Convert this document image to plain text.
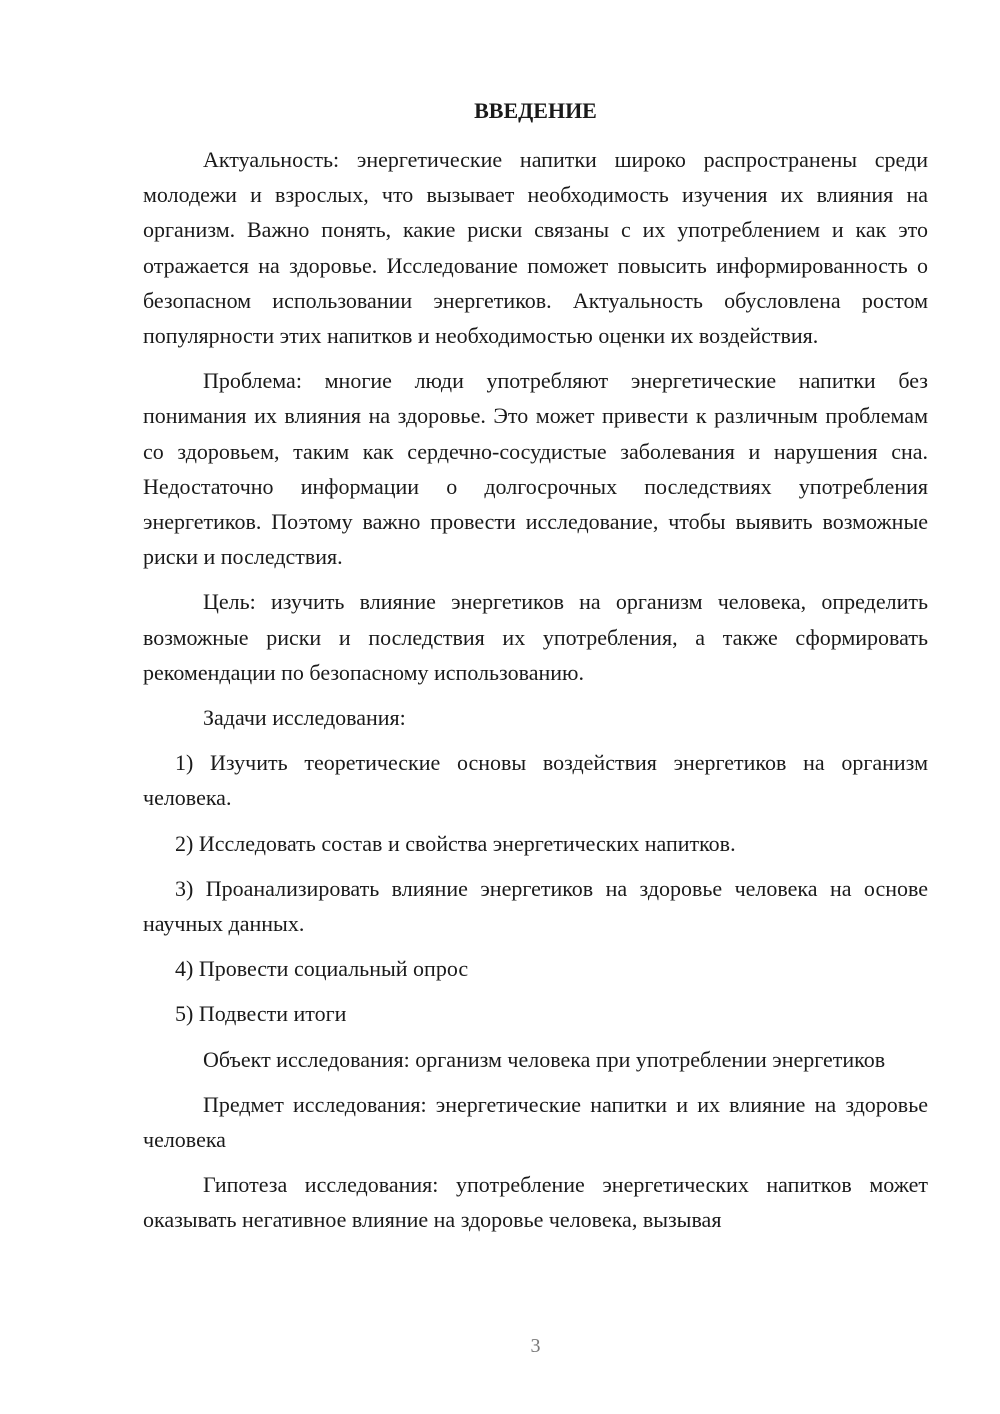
ВВЕДЕНИЕ

Актуальность: энергетические напитки широко распространены среди молодежи и взрослых, что вызывает необходимость изучения их влияния на организм. Важно понять, какие риски связаны с их употреблением и как это отражается на здоровье. Исследование поможет повысить информированность о безопасном использовании энергетиков. Актуальность обусловлена ростом популярности этих напитков и необходимостью оценки их воздействия.

Проблема: многие люди употребляют энергетические напитки без понимания их влияния на здоровье. Это может привести к различным проблемам со здоровьем, таким как сердечно-сосудистые заболевания и нарушения сна. Недостаточно информации о долгосрочных последствиях употребления энергетиков. Поэтому важно провести исследование, чтобы выявить возможные риски и последствия.

Цель: изучить влияние энергетиков на организм человека, определить возможные риски и последствия их употребления, а также сформировать рекомендации по безопасному использованию.

Задачи исследования:

1) Изучить теоретические основы воздействия энергетиков на организм человека.

2) Исследовать состав и свойства энергетических напитков.

3) Проанализировать влияние энергетиков на здоровье человека на основе научных данных.

4) Провести социальный опрос

5) Подвести итоги

Объект исследования: организм человека при употреблении энергетиков

Предмет исследования: энергетические напитки и их влияние на здоровье человека

Гипотеза исследования: употребление энергетических напитков может оказывать негативное влияние на здоровье человека, вызывая

3
